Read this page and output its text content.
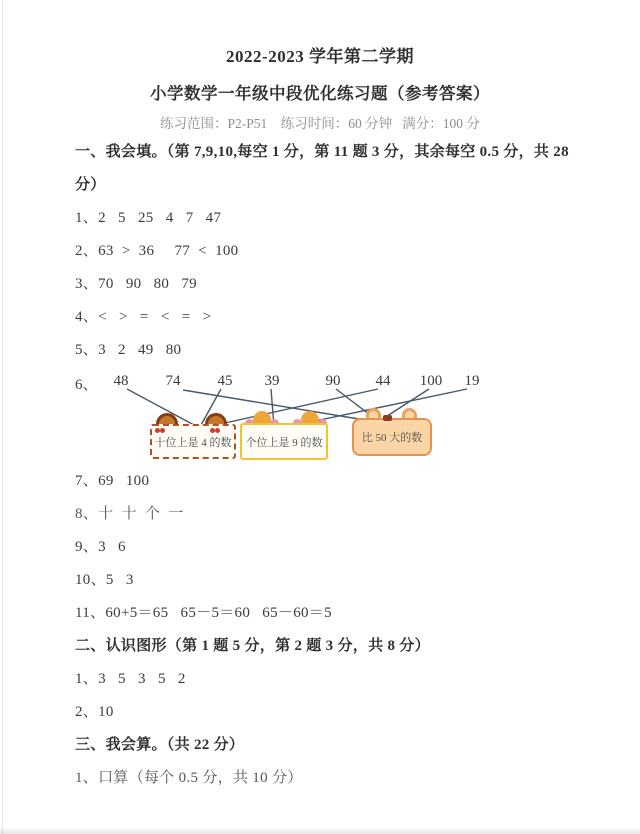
2022-2023 学年第二学期
小学数学一年级中段优化练习题（参考答案）
练习范围：P2-P51    练习时间：60 分钟   满分：100 分
一、我会填。（第 7,9,10,每空 1 分，第 11 题 3 分，其余每空 0.5 分，共 28
分）
1、2   5   25   4   7   47
2、63  >  36     77  <  100
3、70   90   80   79
4、<   >   =   <   =   >
5、3   2   49   80
6、 48 74 45 39	90 44 100 19
十位上是 4 的数 个位上是 9 的数	比 50 大的数
7、69   100
8、十  十  个  一
9、3   6
10、5   3
11、60+5＝65   65－5＝60   65－60＝5
二、认识图形（第 1 题 5 分，第 2 题 3 分，共 8 分）
1、3   5   3   5   2
2、10
三、我会算。（共 22 分）
1、口算（每个 0.5 分，共 10 分）
